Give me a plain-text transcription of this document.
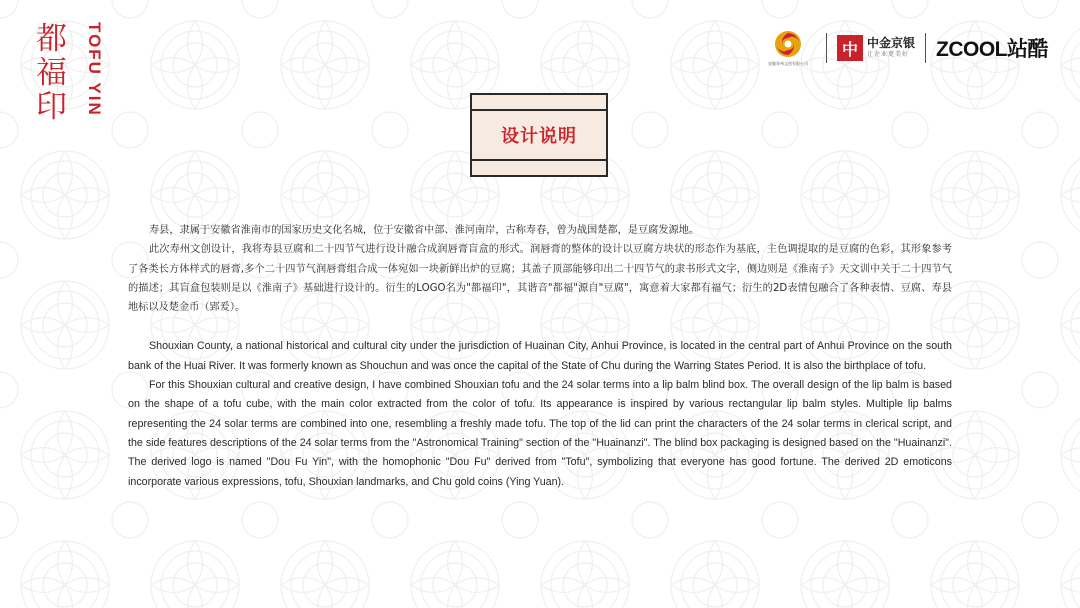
都
福
印	TOFU YIN	安徽寿州文创有限公司
中 中金京银
让企业更美好 ZCOOL站酷
设计说明

寿县，隶属于安徽省淮南市的国家历史文化名城，位于安徽省中部、淮河南岸，古称寿春，曾为战国楚都，是豆腐发源地。

此次寿州文创设计，我将寿县豆腐和二十四节气进行设计融合成润唇膏盲盒的形式。润唇膏的整体的设计以豆腐方块状的形态作为基底，主色调提取的是豆腐的色彩，其形象参考了各类长方体样式的唇膏,多个二十四节气润唇膏组合成一体宛如一块新鲜出炉的豆腐；其盖子顶部能够印出二十四节气的隶书形式文字，侧边则是《淮南子》天文训中关于二十四节气的描述；其盲盒包装则是以《淮南子》基础进行设计的。衍生的LOGO名为"都福印"，其谐音"都福"源自"豆腐"，寓意着大家都有福气；衍生的2D表情包融合了各种表情、豆腐、寿县地标以及楚金币（郢爰）。

Shouxian County, a national historical and cultural city under the jurisdiction of Huainan City, Anhui Province, is located in the central part of Anhui Province on the south bank of the Huai River. It was formerly known as Shouchun and was once the capital of the State of Chu during the Warring States Period. It is also the birthplace of tofu.

For this Shouxian cultural and creative design, I have combined Shouxian tofu and the 24 solar terms into a lip balm blind box. The overall design of the lip balm is based on the shape of a tofu cube, with the main color extracted from the color of tofu. Its appearance is inspired by various rectangular lip balm styles. Multiple lip balms representing the 24 solar terms are combined into one, resembling a freshly made tofu. The top of the lid can print the characters of the 24 solar terms in clerical script, and the side features descriptions of the 24 solar terms from the "Astronomical Training" section of the "Huainanzi". The blind box packaging is designed based on the "Huainanzi". The derived logo is named "Dou Fu Yin", with the homophonic "Dou Fu" derived from "Tofu", symbolizing that everyone has good fortune. The derived 2D emoticons incorporate various expressions, tofu, Shouxian landmarks, and Chu gold coins (Ying Yuan).
